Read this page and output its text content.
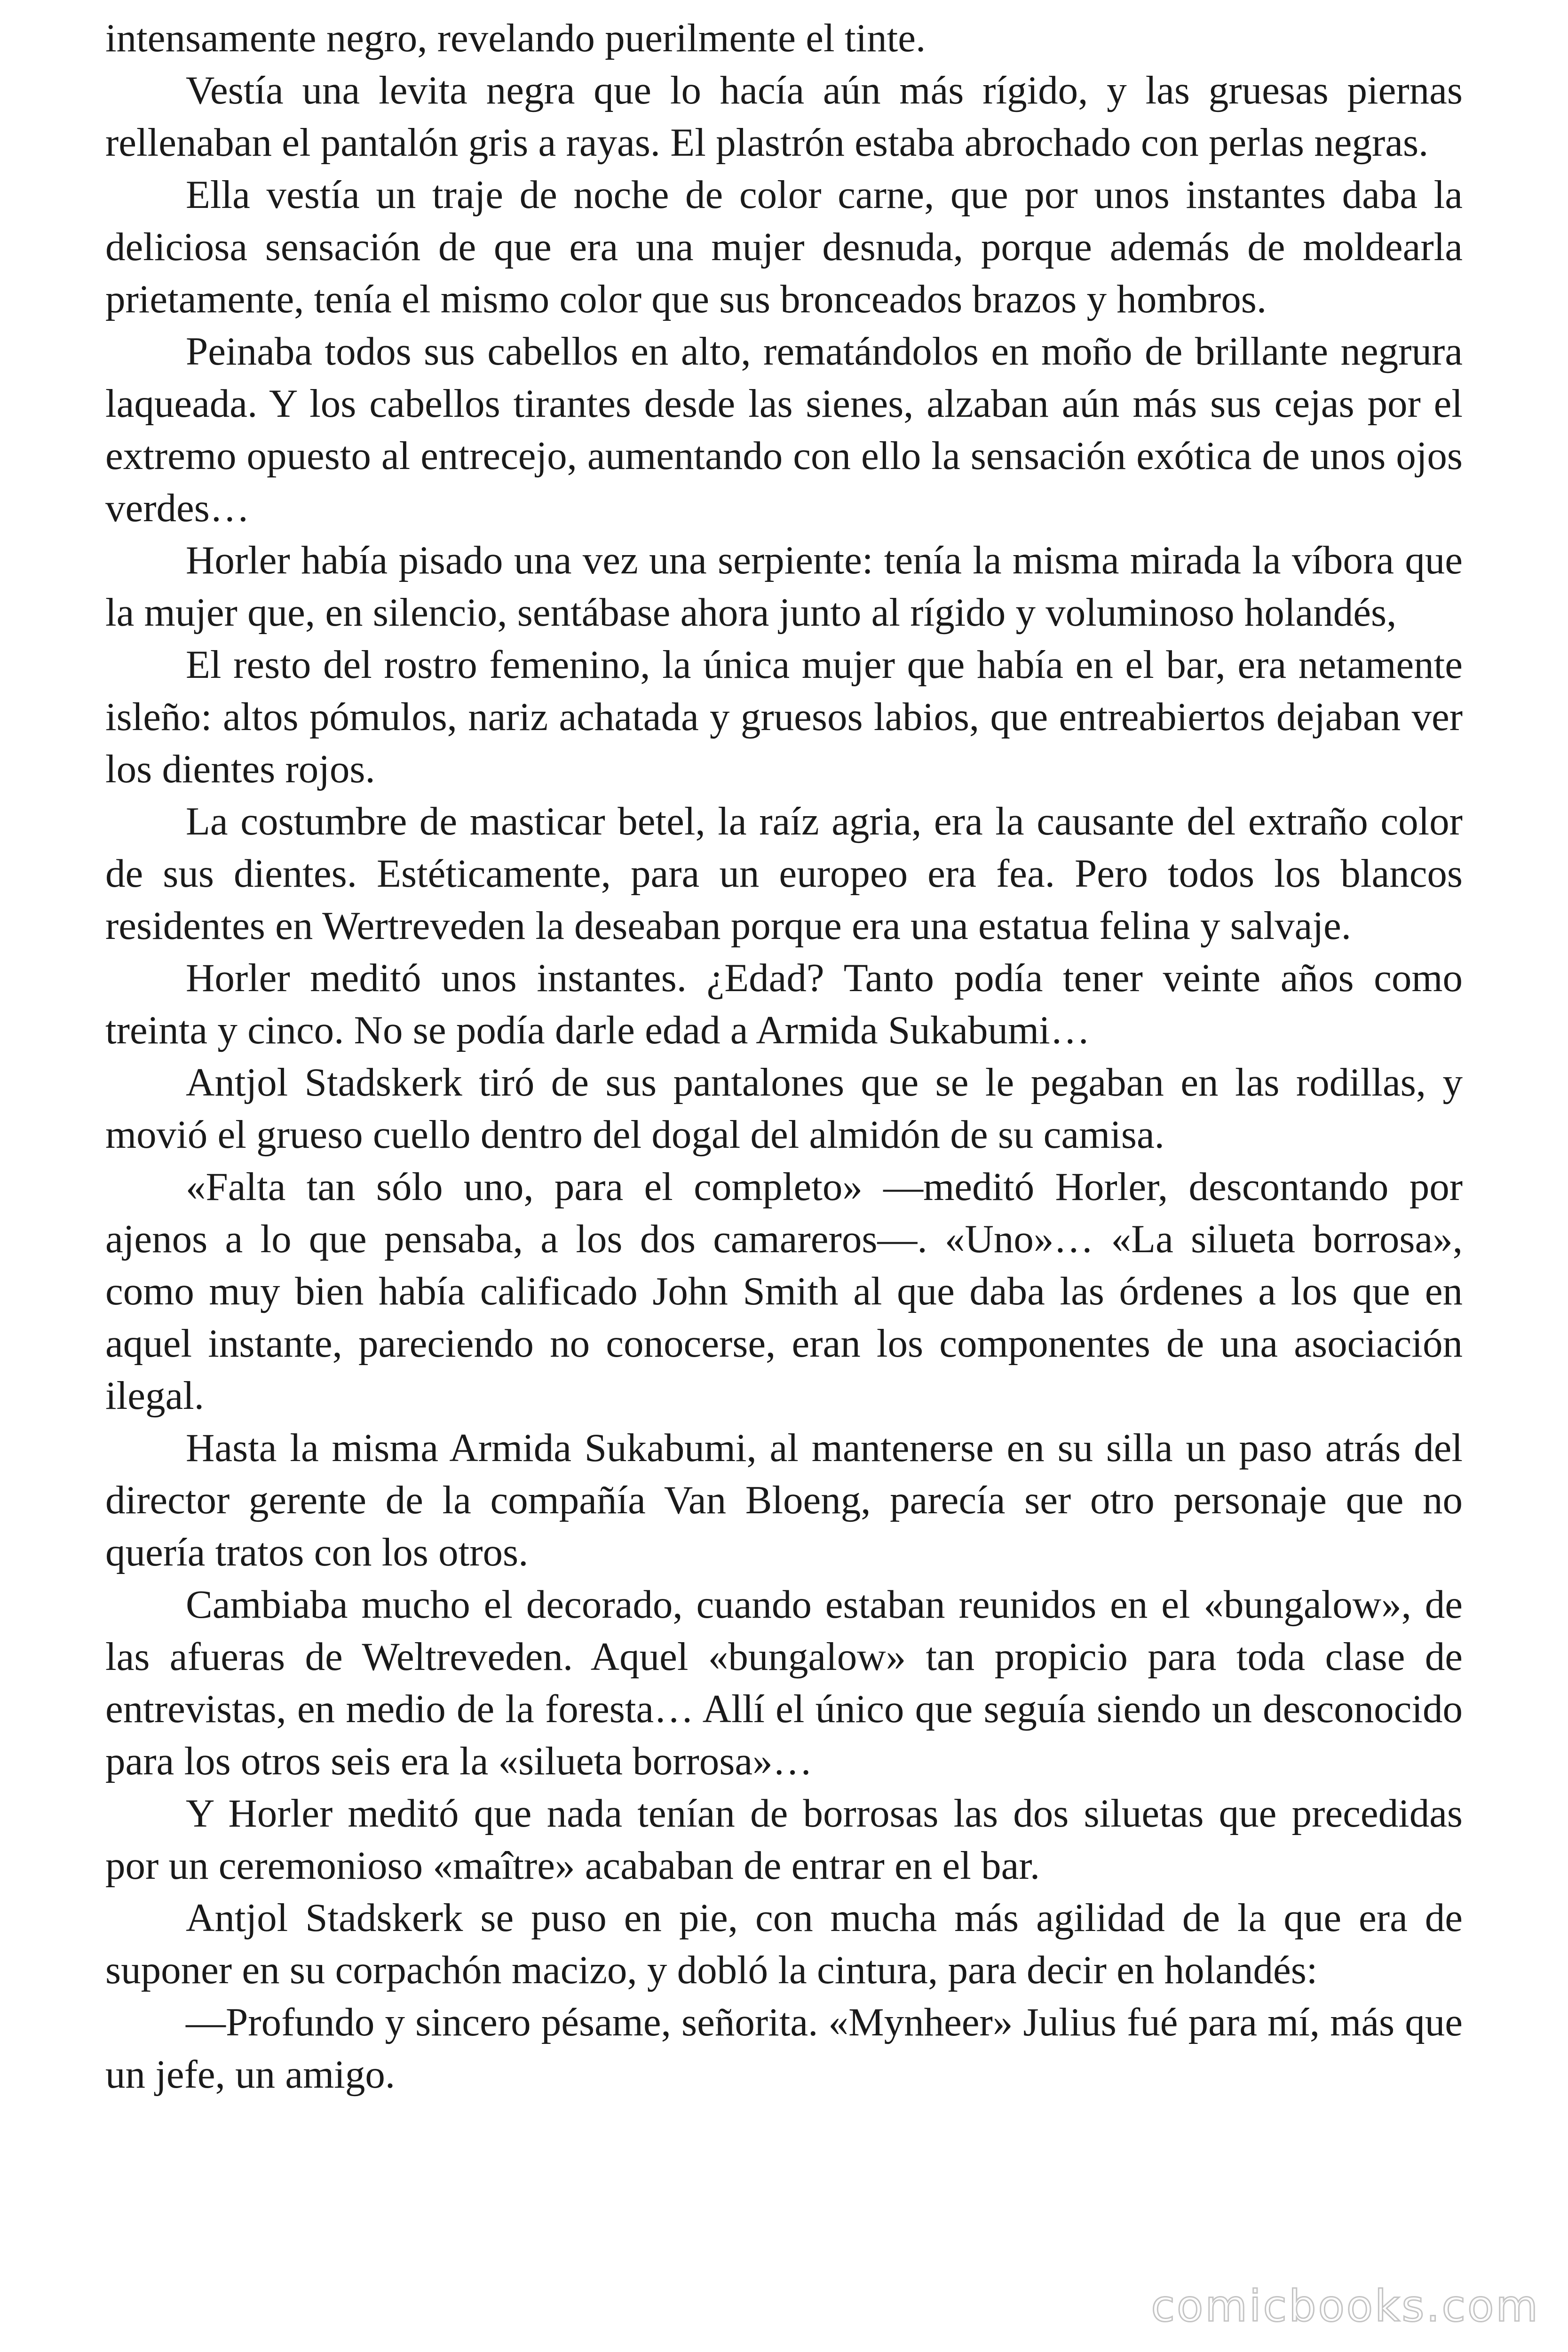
intensamente negro, revelando puerilmente el tinte.

Vestía una levita negra que lo hacía aún más rígido, y las gruesas piernas rellenaban el pantalón gris a rayas. El plastrón estaba abrochado con perlas negras.

Ella vestía un traje de noche de color carne, que por unos instantes daba la deliciosa sensación de que era una mujer desnuda, porque además de moldearla prietamente, tenía el mismo color que sus bronceados brazos y hombros.

Peinaba todos sus cabellos en alto, rematándolos en moño de brillante negrura laqueada. Y los cabellos tirantes desde las sienes, alzaban aún más sus cejas por el extremo opuesto al entrecejo, aumentando con ello la sensación exótica de unos ojos verdes…

Horler había pisado una vez una serpiente: tenía la misma mirada la víbora que la mujer que, en silencio, sentábase ahora junto al rígido y voluminoso holandés,

El resto del rostro femenino, la única mujer que había en el bar, era netamente isleño: altos pómulos, nariz achatada y gruesos labios, que entreabiertos dejaban ver los dientes rojos.

La costumbre de masticar betel, la raíz agria, era la causante del extraño color de sus dientes. Estéticamente, para un europeo era fea. Pero todos los blancos residentes en Wertreveden la deseaban porque era una estatua felina y salvaje.

Horler meditó unos instantes. ¿Edad? Tanto podía tener veinte años como treinta y cinco. No se podía darle edad a Armida Sukabumi…

Antjol Stadskerk tiró de sus pantalones que se le pegaban en las rodillas, y movió el grueso cuello dentro del dogal del almidón de su camisa.

«Falta tan sólo uno, para el completo» —meditó Horler, descontando por ajenos a lo que pensaba, a los dos camareros—. «Uno»… «La silueta borrosa», como muy bien había calificado John Smith al que daba las órdenes a los que en aquel instante, pareciendo no conocerse, eran los componentes de una asociación ilegal.

Hasta la misma Armida Sukabumi, al mantenerse en su silla un paso atrás del director gerente de la compañía Van Bloeng, parecía ser otro personaje que no quería tratos con los otros.

Cambiaba mucho el decorado, cuando estaban reunidos en el «bungalow», de las afueras de Weltreveden. Aquel «bungalow» tan propicio para toda clase de entrevistas, en medio de la foresta… Allí el único que seguía siendo un desconocido para los otros seis era la «silueta borrosa»…

Y Horler meditó que nada tenían de borrosas las dos siluetas que precedidas por un ceremonioso «maître» acababan de entrar en el bar.

Antjol Stadskerk se puso en pie, con mucha más agilidad de la que era de suponer en su corpachón macizo, y dobló la cintura, para decir en holandés:

—Profundo y sincero pésame, señorita. «Mynheer» Julius fué para mí, más que un jefe, un amigo.

comicbooks.com
